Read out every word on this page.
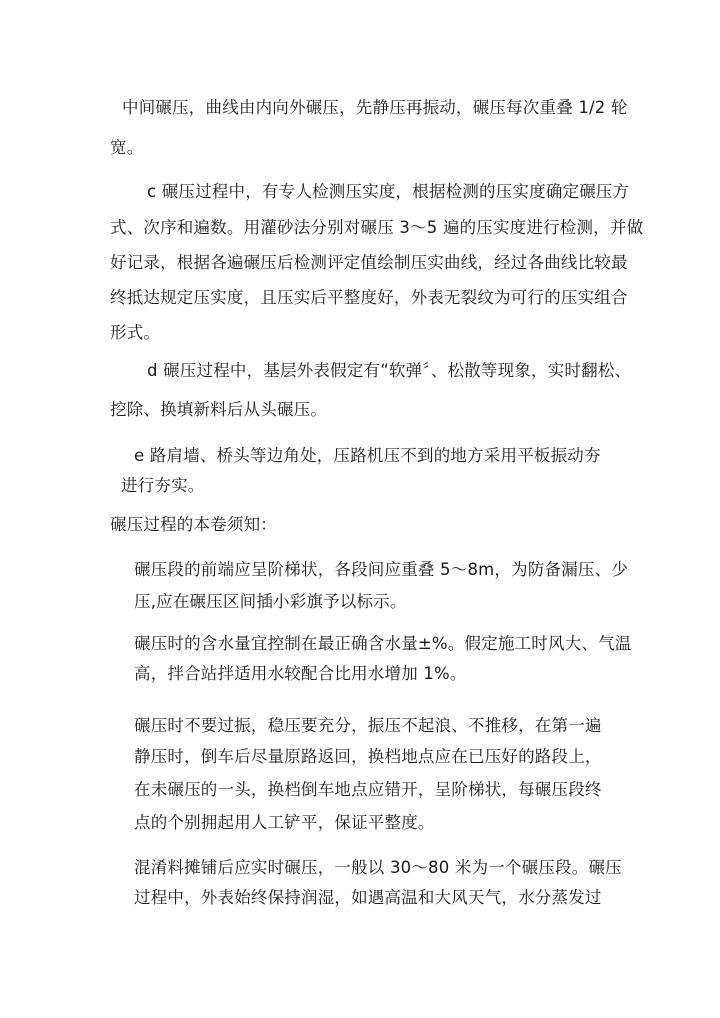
中间碾压，曲线由内向外碾压，先静压再振动，碾压每次重叠 1/2 轮
宽。
c 碾压过程中，有专人检测压实度，根据检测的压实度确定碾压方
式、次序和遍数。用灌砂法分别对碾压 3～5 遍的压实度进行检测，并做
好记录，根据各遍碾压后检测评定值绘制压实曲线，经过各曲线比较最
终抵达规定压实度，且压实后平整度好，外表无裂纹为可行的压实组合
形式。
d 碾压过程中，基层外表假定有“软弹〞、松散等现象，实时翻松、
挖除、换填新料后从头碾压。
e 路肩墙、桥头等边角处，压路机压不到的地方采用平板振动夯
进行夯实。
碾压过程的本卷须知：
碾压段的前端应呈阶梯状，各段间应重叠 5～8m，为防备漏压、少
压,应在碾压区间插小彩旗予以标示。
碾压时的含水量宜控制在最正确含水量±%。假定施工时风大、气温
高，拌合站拌适用水较配合比用水增加 1%。
碾压时不要过振，稳压要充分，振压不起浪、不推移，在第一遍
静压时，倒车后尽量原路返回，换档地点应在已压好的路段上，
在未碾压的一头，换档倒车地点应错开，呈阶梯状，每碾压段终
点的个别拥起用人工铲平，保证平整度。
混淆料摊铺后应实时碾压，一般以 30～80 米为一个碾压段。碾压
过程中，外表始终保持润湿，如遇高温和大风天气，水分蒸发过
